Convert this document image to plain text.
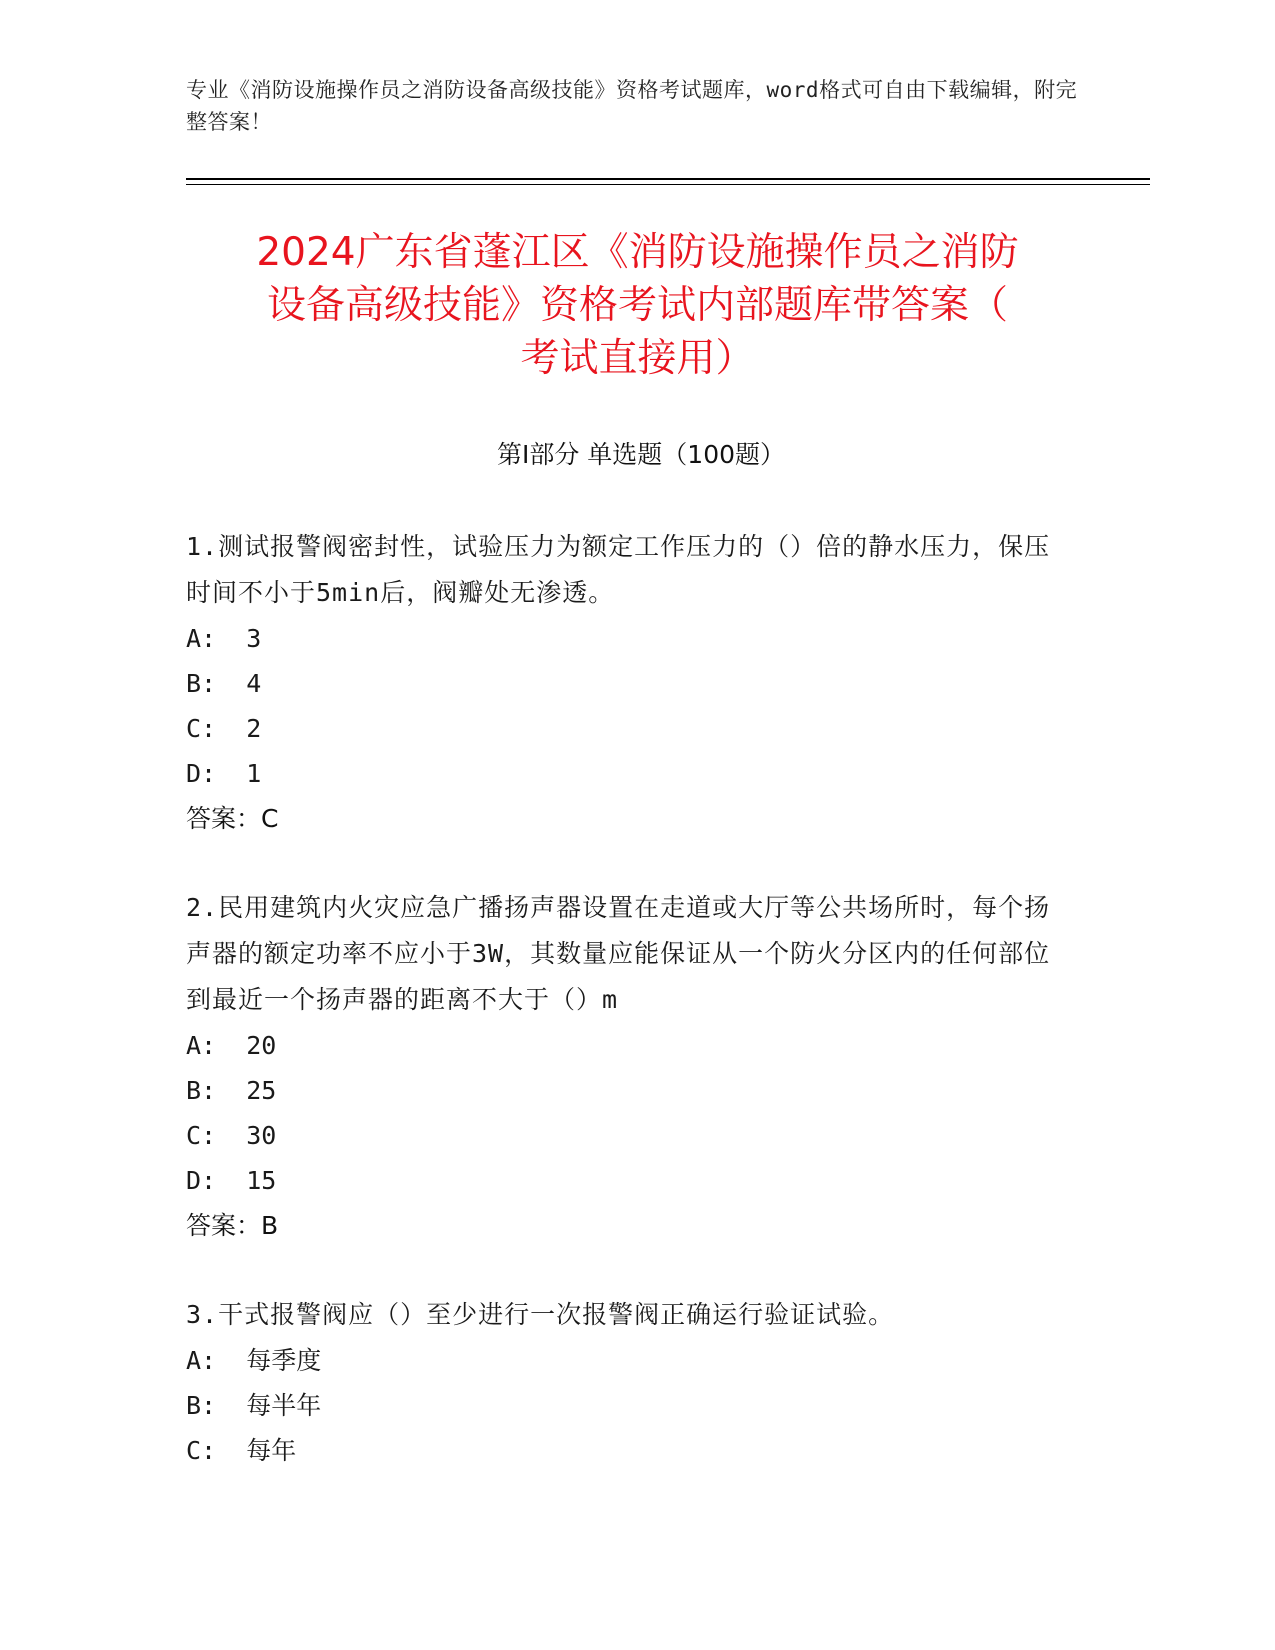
专业《消防设施操作员之消防设备高级技能》资格考试题库，word格式可自由下载编辑，附完整答案！
2024广东省蓬江区《消防设施操作员之消防
设备高级技能》资格考试内部题库带答案（
考试直接用）
第Ⅰ部分 单选题（100题）

1.测试报警阀密封性，试验压力为额定工作压力的（）倍的静水压力，保压时间不小于5min后，阀瓣处无渗透。

A:  3

B:  4

C:  2

D:  1

答案：C

2.民用建筑内火灾应急广播扬声器设置在走道或大厅等公共场所时，每个扬声器的额定功率不应小于3W，其数量应能保证从一个防火分区内的任何部位到最近一个扬声器的距离不大于（）m

A:  20

B:  25

C:  30

D:  15

答案：B

3.干式报警阀应（）至少进行一次报警阀正确运行验证试验。

A:  每季度

B:  每半年

C:  每年
